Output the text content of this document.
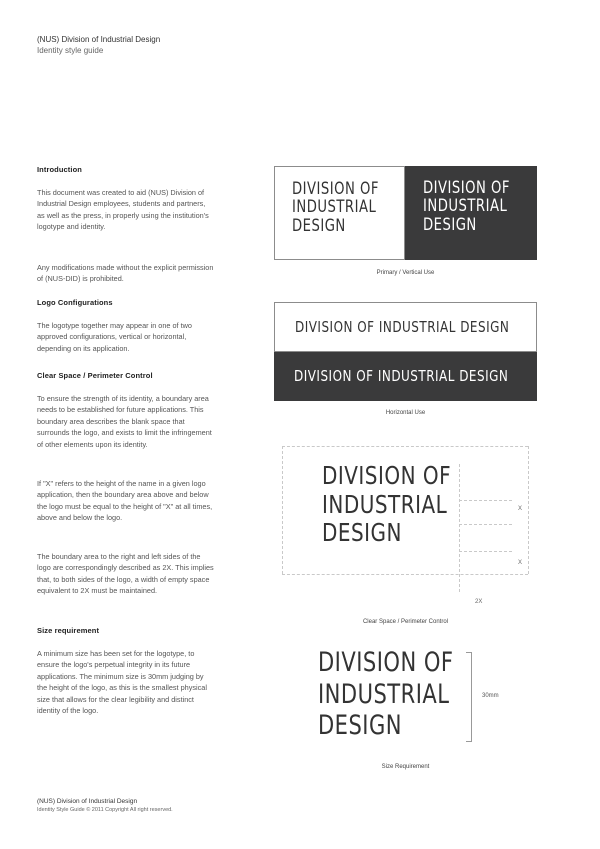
(NUS) Division of Industrial Design
Identity style guide
Introduction
This document was created to aid (NUS) Division of Industrial Design employees, students and partners, as well as the press, in properly using the institution's logotype and identity.
Any modifications made without the explicit permission of (NUS-DID) is prohibited.
Logo Configurations
The logotype together may appear in one of two approved configurations, vertical or horizontal, depending on its application.
Clear Space / Perimeter Control
To ensure the strength of its identity, a boundary area needs to be established for future applications. This boundary area describes the blank space that surrounds the logo, and exists to limit the infringement of other elements upon its identity.
If "X" refers to the height of the name in a given logo application, then the boundary area above and below the logo must be equal to the height of "X" at all times, above and below the logo.
The boundary area to the right and left sides of the logo are correspondingly described as 2X. This implies that, to both sides of the logo, a width of empty space equivalent to 2X must be maintained.
Size requirement
A minimum size has been set for the logotype, to ensure the logo's perpetual integrity in its future applications. The minimum size is 30mm judging by the height of the logo, as this is the smallest physical size that allows for the clear legibility and distinct identity of the logo.
DIVISION OF
INDUSTRIAL
DESIGN
DIVISION OF
INDUSTRIAL
DESIGN
Primary / Vertical Use
DIVISION OF INDUSTRIAL DESIGN
DIVISION OF INDUSTRIAL DESIGN
Horizontal Use
DIVISION OF
INDUSTRIAL
DESIGN
X
X
2X
Clear Space / Perimeter Control
DIVISION OF
INDUSTRIAL
DESIGN
30mm
Size Requirement
(NUS) Division of Industrial Design
Identity Style Guide © 2011 Copyright All right reserved.
